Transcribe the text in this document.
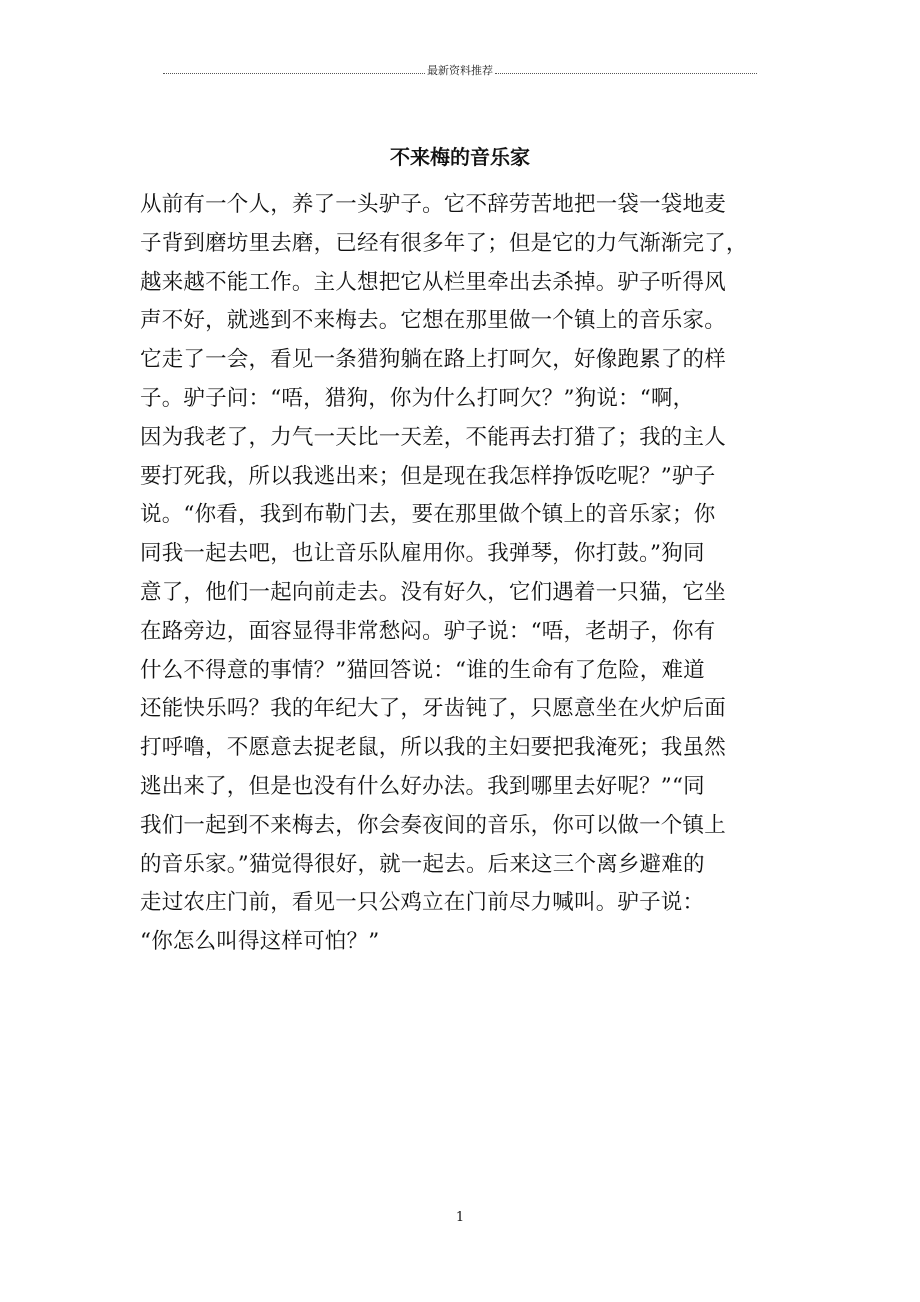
最新资料推荐
不来梅的音乐家
从前有一个人，养了一头驴子。它不辞劳苦地把一袋一袋地麦
子背到磨坊里去磨，已经有很多年了；但是它的力气渐渐完了，
越来越不能工作。主人想把它从栏里牵出去杀掉。驴子听得风
声不好，就逃到不来梅去。它想在那里做一个镇上的音乐家。
它走了一会，看见一条猎狗躺在路上打呵欠，好像跑累了的样
子。驴子问：“唔，猎狗，你为什么打呵欠？”狗说：“啊，
因为我老了，力气一天比一天差，不能再去打猎了；我的主人
要打死我，所以我逃出来；但是现在我怎样挣饭吃呢？”驴子
说。“你看，我到布勒门去，要在那里做个镇上的音乐家；你
同我一起去吧，也让音乐队雇用你。我弹琴，你打鼓。”狗同
意了，他们一起向前走去。没有好久，它们遇着一只猫，它坐
在路旁边，面容显得非常愁闷。驴子说：“唔，老胡子，你有
什么不得意的事情？”猫回答说：“谁的生命有了危险，难道
还能快乐吗？我的年纪大了，牙齿钝了，只愿意坐在火炉后面
打呼噜，不愿意去捉老鼠，所以我的主妇要把我淹死；我虽然
逃出来了，但是也没有什么好办法。我到哪里去好呢？”“同
我们一起到不来梅去，你会奏夜间的音乐，你可以做一个镇上
的音乐家。”猫觉得很好，就一起去。后来这三个离乡避难的
走过农庄门前，看见一只公鸡立在门前尽力喊叫。驴子说：
“你怎么叫得这样可怕？”
1
